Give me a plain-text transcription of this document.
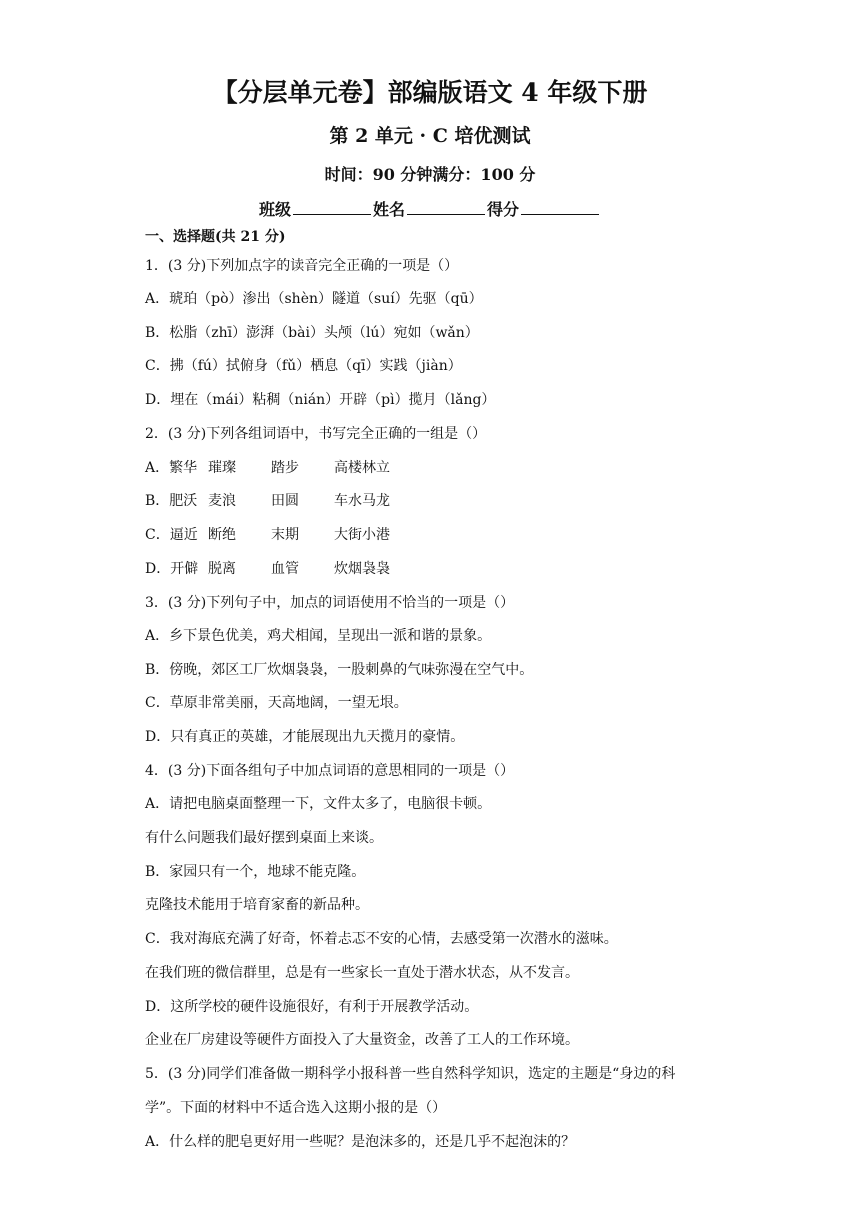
【分层单元卷】部编版语文 4 年级下册
第 2 单元 · C 培优测试
时间：90 分钟满分：100 分
班级	姓名	得分
一、选择题(共 21 分)
1．(3 分)下列加点字的读音完全正确的一项是（）
A．琥珀（pò）渗出（shèn）隧道（suí）先驱（qū）
B．松脂（zhī）澎湃（bài）头颅（lú）宛如（wǎn）
C．拂（fú）拭俯身（fǔ）栖息（qī）实践（jiàn）
D．埋在（mái）粘稠（nián）开辟（pì）揽月（lǎng）
2．(3 分)下列各组词语中，书写完全正确的一组是（）
A．繁华 璀璨	踏步	高楼林立
B．肥沃 麦浪	田圆	车水马龙
C．逼近 断绝	末期	大街小港
D．开僻 脱离	血管	炊烟袅袅
3．(3 分)下列句子中，加点的词语使用不恰当的一项是（）
A．乡下景色优美，鸡犬相闻，呈现出一派和谐的景象。
B．傍晚，郊区工厂炊烟袅袅，一股刺鼻的气味弥漫在空气中。
C．草原非常美丽，天高地阔，一望无垠。
D．只有真正的英雄，才能展现出九天揽月的豪情。
4．(3 分)下面各组句子中加点词语的意思相同的一项是（）
A．请把电脑桌面整理一下，文件太多了，电脑很卡顿。
有什么问题我们最好摆到桌面上来谈。
B．家园只有一个，地球不能克隆。
克隆技术能用于培育家畜的新品种。
C．我对海底充满了好奇，怀着忐忑不安的心情，去感受第一次潜水的滋味。
在我们班的微信群里，总是有一些家长一直处于潜水状态，从不发言。
D．这所学校的硬件设施很好，有利于开展教学活动。
企业在厂房建设等硬件方面投入了大量资金，改善了工人的工作环境。
5．(3 分)同学们准备做一期科学小报科普一些自然科学知识，选定的主题是“身边的科
学”。下面的材料中不适合选入这期小报的是（）
A．什么样的肥皂更好用一些呢？是泡沫多的，还是几乎不起泡沫的？
